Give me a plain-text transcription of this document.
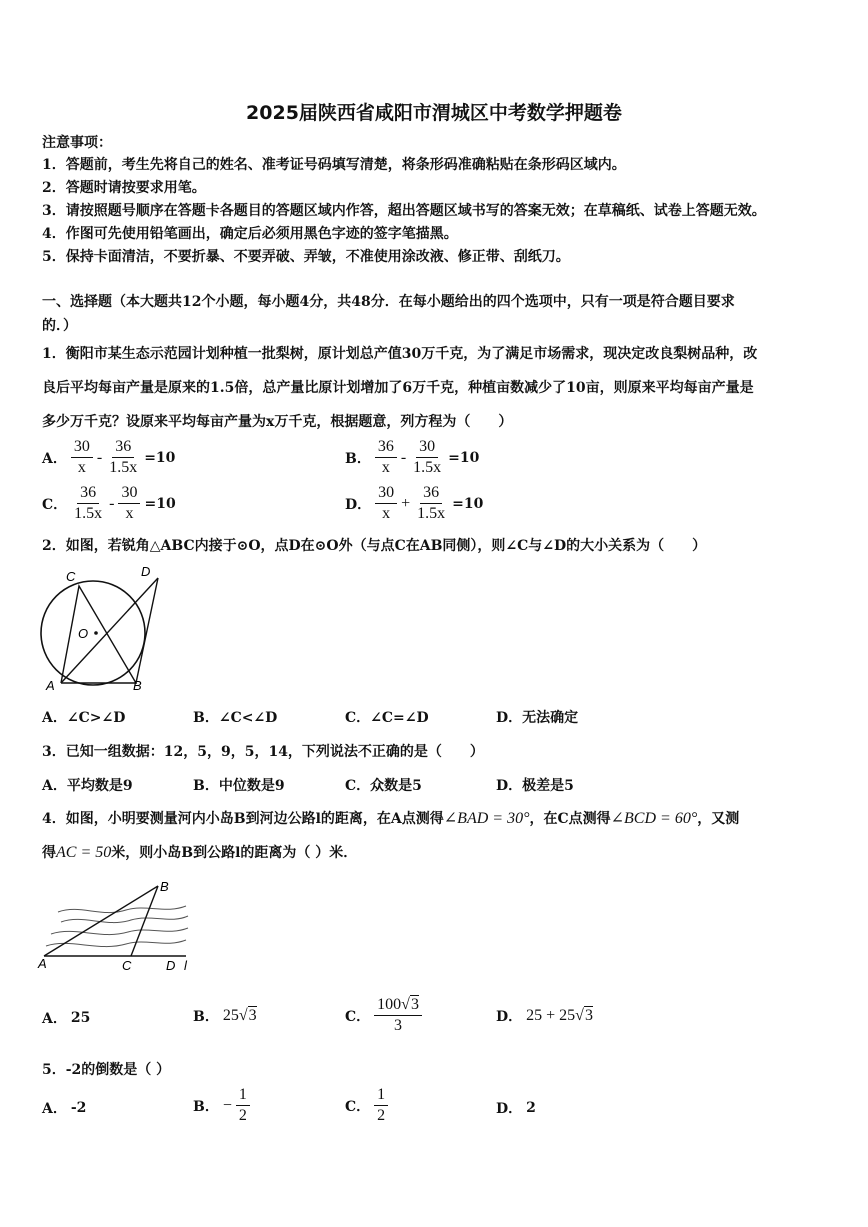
2025届陕西省咸阳市渭城区中考数学押题卷
注意事项：
1．答题前，考生先将自己的姓名、准考证号码填写清楚，将条形码准确粘贴在条形码区域内。
2．答题时请按要求用笔。
3．请按照题号顺序在答题卡各题目的答题区域内作答，超出答题区域书写的答案无效；在草稿纸、试卷上答题无效。
4．作图可先使用铅笔画出，确定后必须用黑色字迹的签字笔描黑。
5．保持卡面清洁，不要折暴、不要弄破、弄皱，不准使用涂改液、修正带、刮纸刀。
一、选择题（本大题共12个小题，每小题4分，共48分．在每小题给出的四个选项中，只有一项是符合题目要求
的．）
1．衡阳市某生态示范园计划种植一批梨树，原计划总产值30万千克，为了满足市场需求，现决定改良梨树品种，改
良后平均每亩产量是原来的1.5倍，总产量比原计划增加了6万千克，种植亩数减少了10亩，则原来平均每亩产量是
多少万千克？设原来平均每亩产量为x万千克，根据题意，列方程为（　　）
A． $\frac{30}{x} - \frac{36}{1.5x} =10$	B． $\frac{36}{x} - \frac{30}{1.5x} =10$
C． $\frac{36}{1.5x} - \frac{30}{x} =10$	D． $\frac{30}{x} + \frac{36}{1.5x} =10$
2．如图，若锐角△ABC内接于⊙O，点D在⊙O外（与点C在AB同侧），则∠C与∠D的大小关系为（　　）
C	D
O
A	B
A．∠C>∠D	B．∠C<∠D	C．∠C=∠D	D．无法确定
3．已知一组数据：12，5，9，5，14，下列说法不正确的是（　　）
A．平均数是9	B．中位数是9	C．众数是5	D．极差是5
4．如图，小明要测量河内小岛B到河边公路l的距离，在A点测得∠BAD = 30°，在C点测得∠BCD = 60°，又测
得AC = 50米，则小岛B到公路l的距离为（ ）米．
B
A	C	D l
A． 25	B． 25√3	C． $\frac{100√3}{3}$	D． 25 + 25√3
5．-2的倒数是（ ）
A． -2	B． − $\frac{1}{2}$	C． $\frac{1}{2}$	D． 2
